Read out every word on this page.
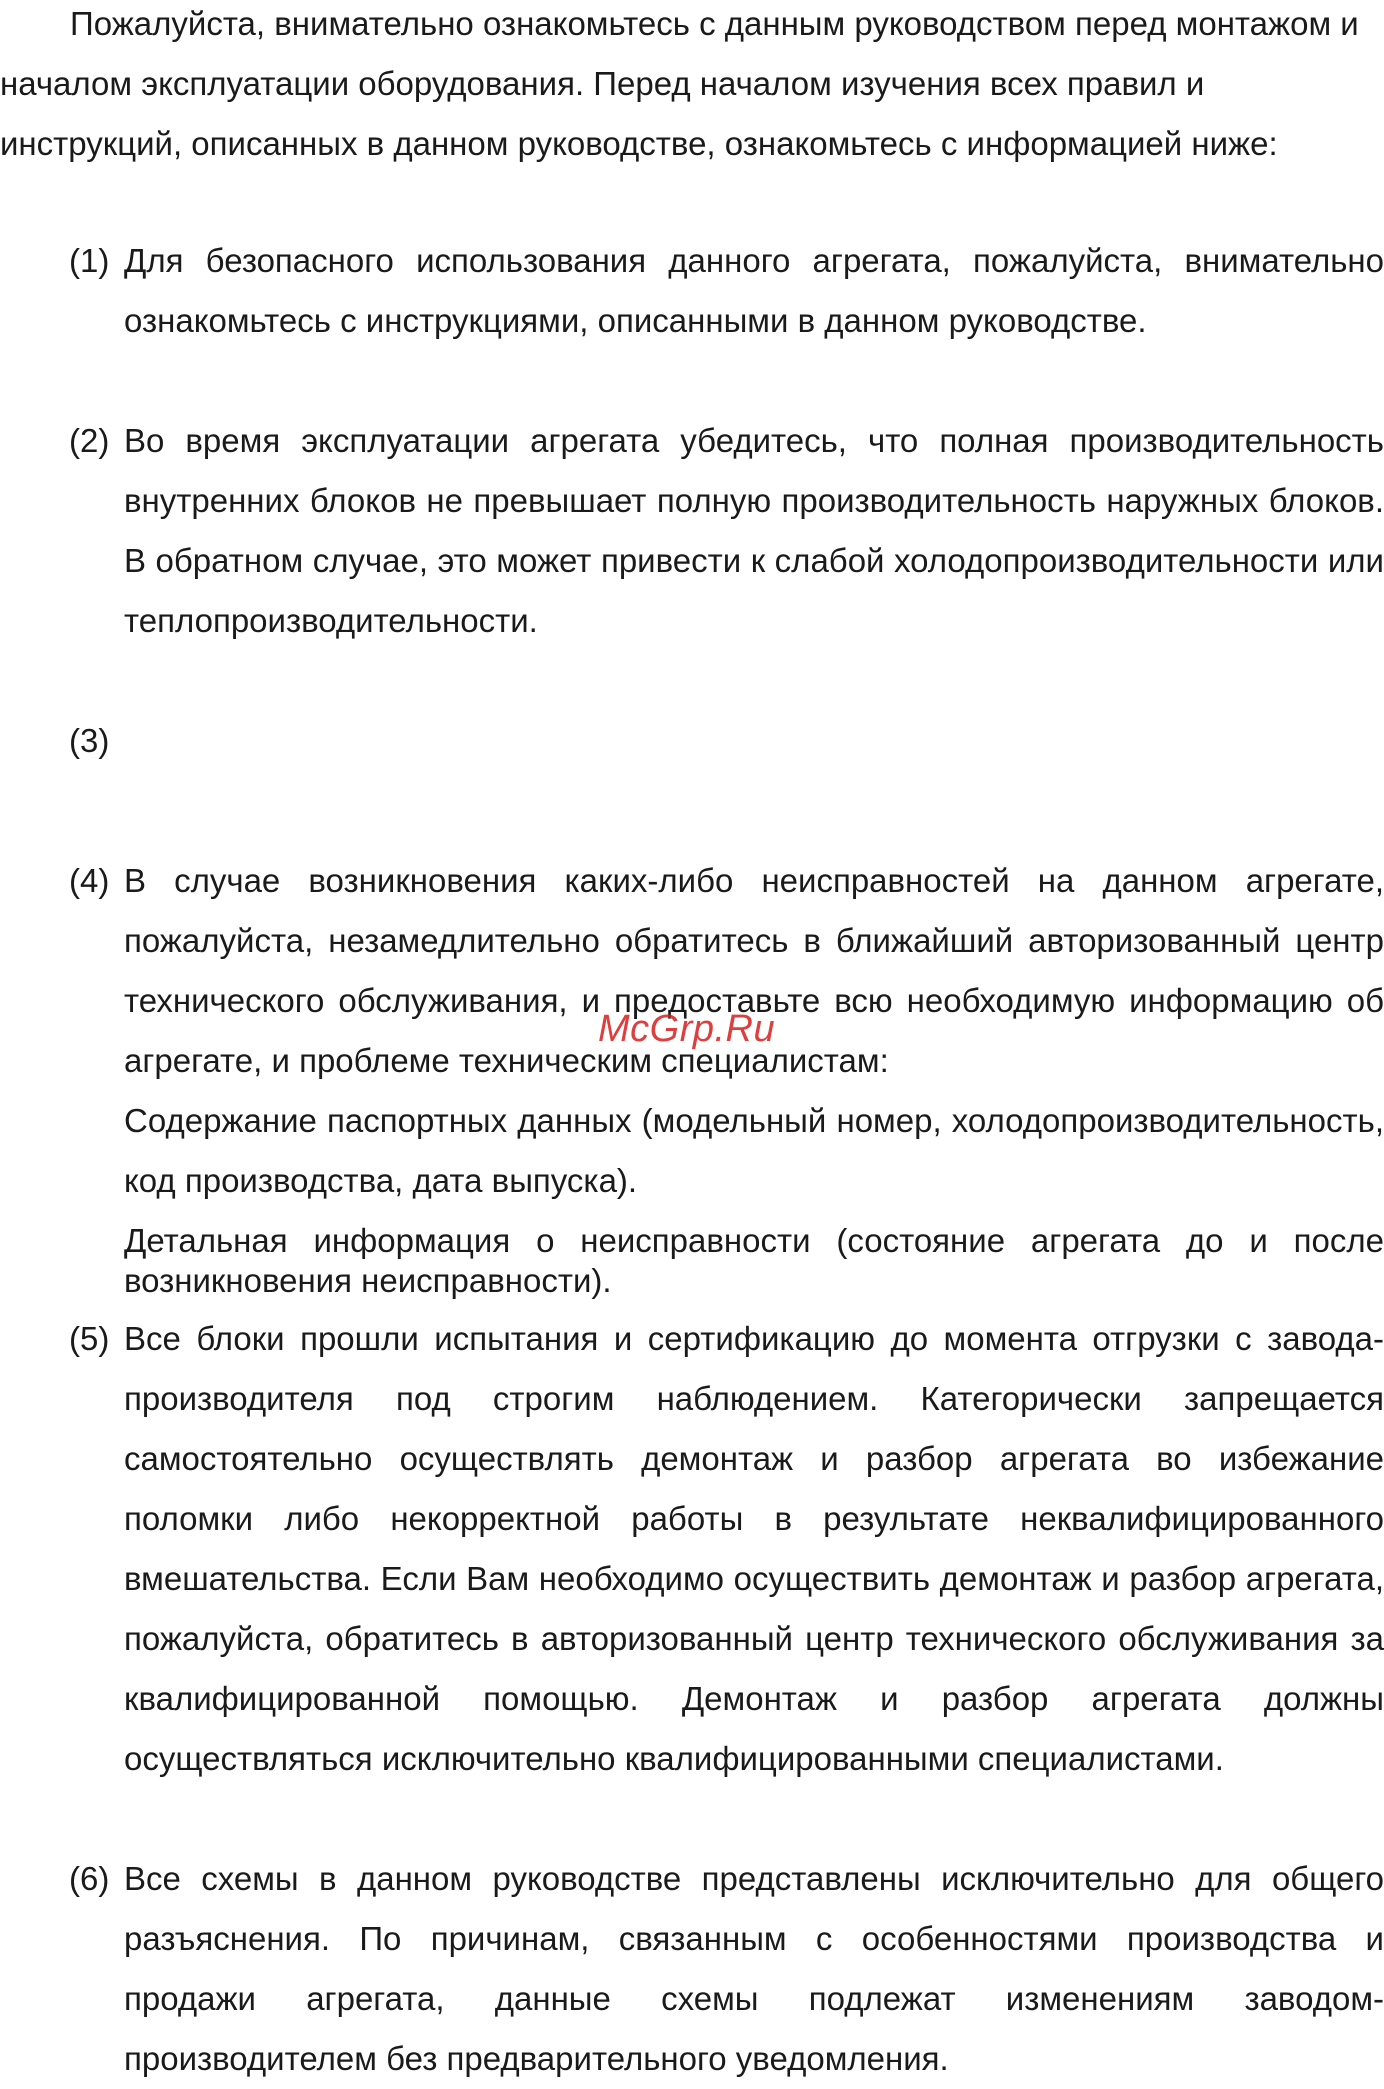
Пожалуйста, внимательно ознакомьтесь с данным руководством перед монтажом и началом эксплуатации оборудования. Перед началом изучения всех правил и инструкций, описанных в данном руководстве, ознакомьтесь с информацией ниже:

(1) Для безопасного использования данного агрегата, пожалуйста, внимательно ознакомьтесь с инструкциями, описанными в данном руководстве.

(2) Во время эксплуатации агрегата убедитесь, что полная производительность внутренних блоков не превышает полную производительность наружных блоков. В обратном случае, это может привести к слабой холодопроизводительности или теплопроизводительности.

(3)
(4) В случае возникновения каких-либо неисправностей на данном агрегате, пожалуйста, незамедлительно обратитесь в ближайший авторизованный центр технического обслуживания, и предоставьте всю необходимую информацию об агрегате, и проблеме техническим специалистам:

Содержание паспортных данных (модельный номер, холодопроизводительность, код производства, дата выпуска).

Детальная информация о неисправности (состояние агрегата до и после возникновения неисправности).

(5) Все блоки прошли испытания и сертификацию до момента отгрузки с завода-производителя под строгим наблюдением. Категорически запрещается самостоятельно осуществлять демонтаж и разбор агрегата во избежание поломки либо некорректной работы в результате неквалифицированного вмешательства. Если Вам необходимо осуществить демонтаж и разбор агрегата, пожалуйста, обратитесь в авторизованный центр технического обслуживания за квалифицированной помощью. Демонтаж и разбор агрегата должны осуществляться исключительно квалифицированными специалистами.

(6) Все схемы в данном руководстве представлены исключительно для общего разъяснения. По причинам, связанным с особенностями производства и продажи агрегата, данные схемы подлежат изменениям заводом-производителем без предварительного уведомления.

McGrp.Ru
